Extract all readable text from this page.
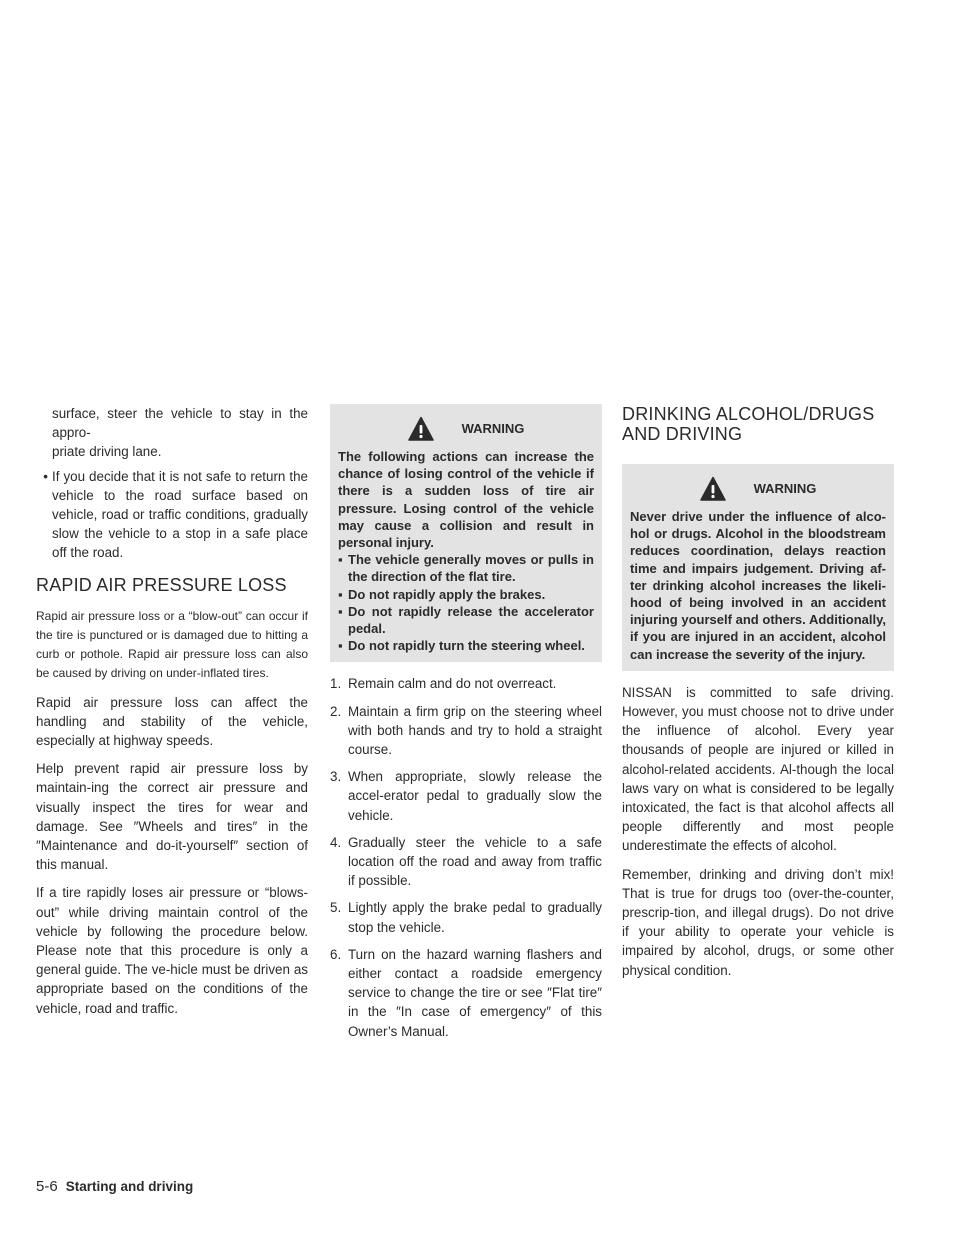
surface, steer the vehicle to stay in the appro-
priate driving lane.
• If you decide that it is not safe to return the vehicle to the road surface based on vehicle, road or traffic conditions, gradually slow the vehicle to a stop in a safe place off the road.
RAPID AIR PRESSURE LOSS

Rapid air pressure loss or a “blow-out” can occur if the tire is punctured or is damaged due to hitting a curb or pothole. Rapid air pressure loss can also be caused by driving on under-inflated tires.

Rapid air pressure loss can affect the handling and stability of the vehicle, especially at highway speeds.

Help prevent rapid air pressure loss by maintain-ing the correct air pressure and visually inspect the tires for wear and damage. See ″Wheels and tires″ in the ″Maintenance and do-it-yourself″ section of this manual.

If a tire rapidly loses air pressure or “blows-out” while driving maintain control of the vehicle by following the procedure below. Please note that this procedure is only a general guide. The ve-hicle must be driven as appropriate based on the conditions of the vehicle, road and traffic.

WARNING
The following actions can increase the chance of losing control of the vehicle if there is a sudden loss of tire air pressure. Losing control of the vehicle may cause a collision and result in personal injury.
▪ The vehicle generally moves or pulls in the direction of the flat tire.
▪ Do not rapidly apply the brakes.
▪ Do not rapidly release the accelerator pedal.
▪ Do not rapidly turn the steering wheel.
1. Remain calm and do not overreact.
2. Maintain a firm grip on the steering wheel with both hands and try to hold a straight course.
3. When appropriate, slowly release the accel-erator pedal to gradually slow the vehicle.
4. Gradually steer the vehicle to a safe location off the road and away from traffic if possible.
5. Lightly apply the brake pedal to gradually stop the vehicle.
6. Turn on the hazard warning flashers and either contact a roadside emergency service to change the tire or see ″Flat tire″ in the ″In case of emergency″ of this Owner’s Manual.
DRINKING ALCOHOL/DRUGS AND DRIVING
WARNING
Never drive under the influence of alco-hol or drugs. Alcohol in the bloodstream reduces coordination, delays reaction time and impairs judgement. Driving af-ter drinking alcohol increases the likeli-hood of being involved in an accident injuring yourself and others. Additionally, if you are injured in an accident, alcohol can increase the severity of the injury.

NISSAN is committed to safe driving. However, you must choose not to drive under the influence of alcohol. Every year thousands of people are injured or killed in alcohol-related accidents. Al-though the local laws vary on what is considered to be legally intoxicated, the fact is that alcohol affects all people differently and most people underestimate the effects of alcohol.

Remember, drinking and driving don’t mix! That is true for drugs too (over-the-counter, prescrip-tion, and illegal drugs). Do not drive if your ability to operate your vehicle is impaired by alcohol, drugs, or some other physical condition.

5-6 Starting and driving
